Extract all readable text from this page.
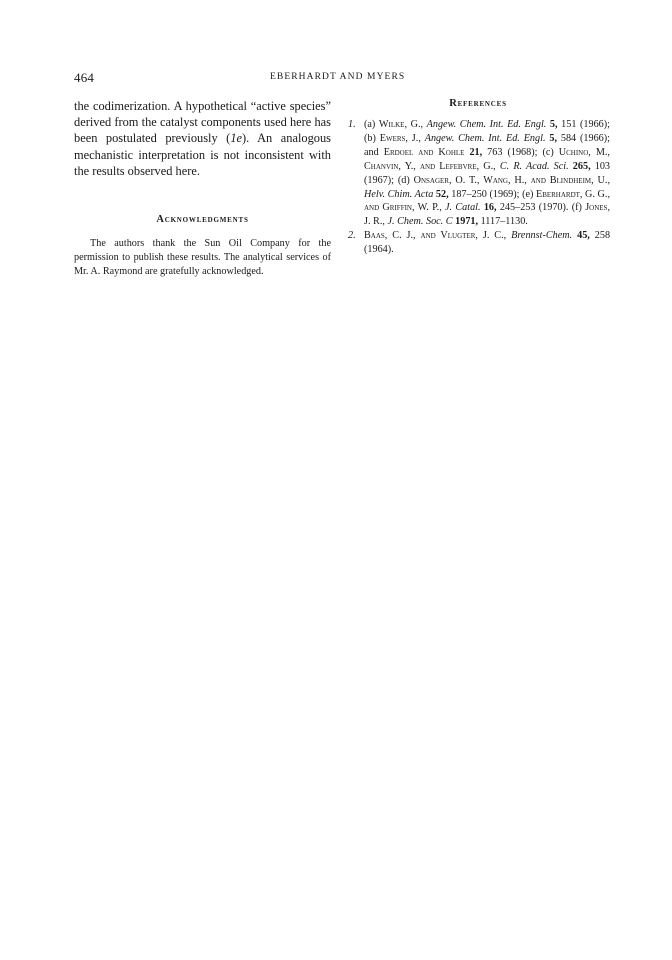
464	EBERHARDT AND MYERS

the codimerization. A hypothetical “active species” derived from the catalyst components used here has been postulated previously (1e). An analogous mechanistic interpretation is not inconsistent with the results observed here.

Acknowledgments

The authors thank the Sun Oil Company for the permission to publish these results. The analytical services of Mr. A. Raymond are gratefully acknowledged.

References
1. (a) Wilke, G., Angew. Chem. Int. Ed. Engl. 5, 151 (1966); (b) Ewers, J., Angew. Chem. Int. Ed. Engl. 5, 584 (1966); and Erdoel and Kohle 21, 763 (1968); (c) Uchino, M., Chanvin, Y., and Lefebvre, G., C. R. Acad. Sci. 265, 103 (1967); (d) Onsager, O. T., Wang, H., and Blindheim, U., Helv. Chim. Acta 52, 187–250 (1969); (e) Eberhardt, G. G., and Griffin, W. P., J. Catal. 16, 245–253 (1970). (f) Jones, J. R., J. Chem. Soc. C 1971, 1117–1130.
2. Baas, C. J., and Vlugter, J. C., Brennst-Chem. 45, 258 (1964).
